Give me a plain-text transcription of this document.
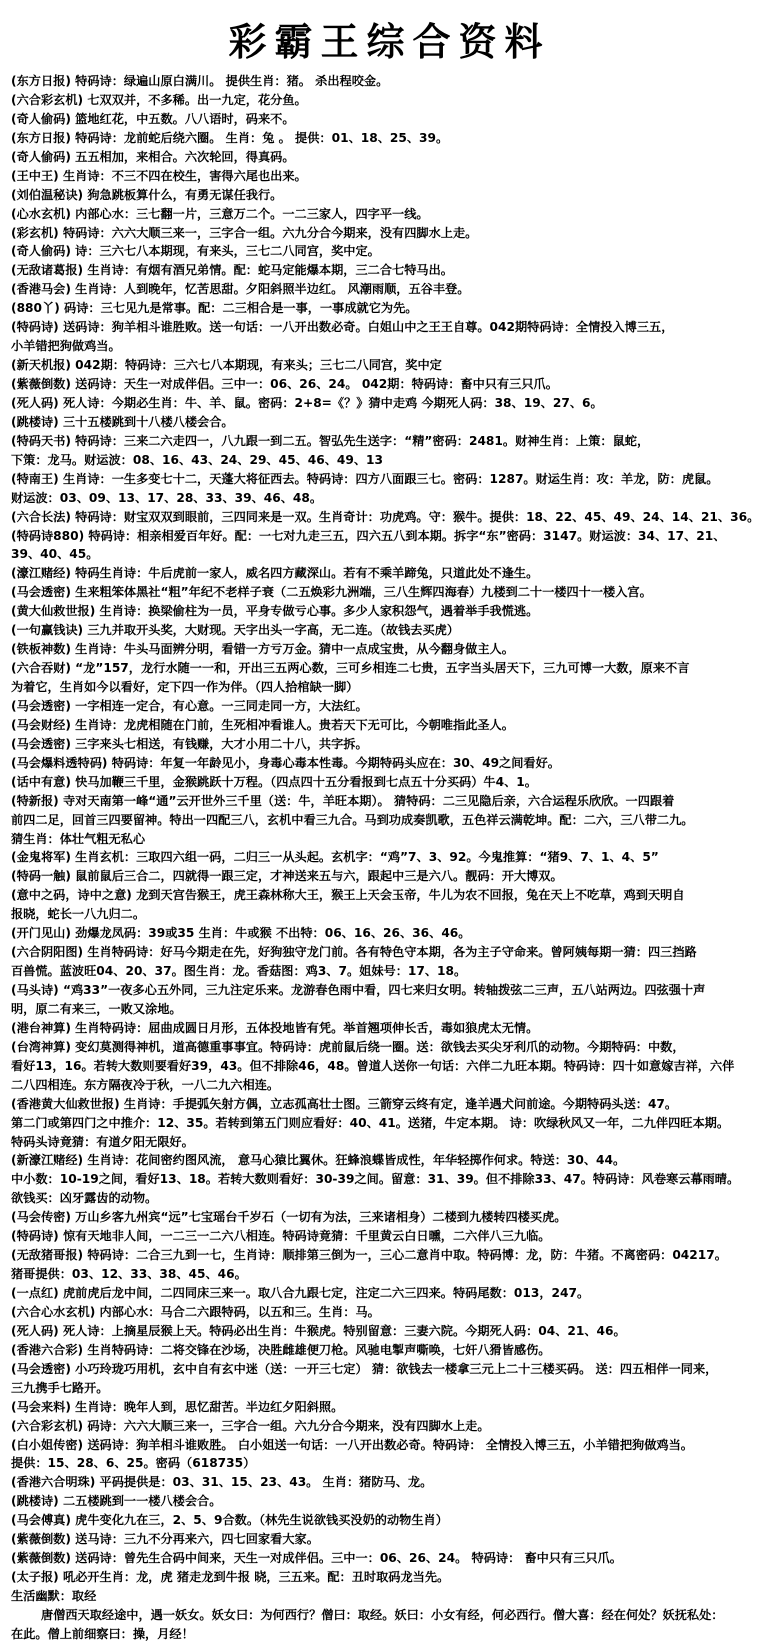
彩霸王综合资料
(东方日报) 特码诗：绿遍山原白满川。 提供生肖：猪。 杀出程咬金。
(六合彩玄机) 七双双并，不多稀。出一九定，花分鱼。
(奇人偷码) 篮地红花，中五数。八八语时，码来不。
(东方日报) 特码诗：龙前蛇后绕六圈。 生肖：兔 。 提供：01、18、25、39。
(奇人偷码) 五五相加，来相合。六次轮回，得真码。
(王中王) 生肖诗：不三不四在校生，害得六尾也出来。
(刘伯温秘诀) 狗急跳板算什么，有勇无谋任我行。
(心水玄机) 内部心水：三七翻一片，三意万二个。一二三家人，四字平一线。
(彩玄机) 特码诗：六六大顺三来一，三字合一组。六九分合今期来，没有四脚水上走。
(奇人偷码) 诗：三六七八本期现，有来头，三七二八同宫，奖中定。
(无敌诸葛报) 生肖诗：有烟有酒兄弟情。配：蛇马定能爆本期，三二合七特马出。
(香港马会) 生肖诗：人到晚年，忆苦思甜。夕阳斜照半边红。 风潮雨顺，五谷丰登。
(880丫) 码诗：三七见九是常事。配：二三相合是一事，一事成就它为先。
(特码诗) 送码诗：狗羊相斗谁胜败。送一句话：一八开出数必奇。白姐山中之王王自尊。042期特码诗：全情投入博三五，
小羊错把狗做鸡当。
(新天机报) 042期：特码诗：三六七八本期现，有来头；三七二八同宫，奖中定
(紫薇倒数) 送码诗：天生一对成伴侣。三中一：06、26、24。 042期：特码诗：畜中只有三只爪。
(死人码) 死人诗：今期必生肖：牛、羊、鼠。密码：2+8=《？》猜中走鸡 今期死人码：38、19、27、6。
(跳楼诗) 三十五楼跳到十八楼八楼会合。
(特码天书) 特码诗：三来二六走四一，八九跟一到二五。智弘先生送字：“精”密码：2481。财神生肖：上策：鼠蛇，
下策：龙马。财运波：08、16、43、24、29、45、46、49、13
(特南王) 生肖诗：一生多变七十二，天蓬大将征西去。特码诗：四方八面跟三七。密码：1287。财运生肖：攻：羊龙，防：虎鼠。
财运波：03、09、13、17、28、33、39、46、48。
(六合长法) 特码诗：财宝双双到眼前，三四同来是一双。生肖奇计：功虎鸡。守：猴牛。提供：18、22、45、49、24、14、21、36。
(特码诗880) 特码诗：相亲相爱百年好。配：一七对九走三五，四六五八到本期。拆字“东”密码：3147。财运波：34、17、21、
39、40、45。
(濠江赌经) 特码生肖诗：牛后虎前一家人，威名四方藏深山。若有不乘羊蹄兔，只道此处不逢生。
(马会透密) 生来粗笨体黑社“粗”年纪不老样子衰（二五焕彩九洲端，三八生辉四海春）九楼到二十一楼四十一楼入宫。
(黄大仙救世报) 生肖诗：换梁偷柱为一员，平身专做亏心事。多少人家积怨气，遇着举手我慌逃。
(一句赢钱诀) 三九并取开头奖，大财现。天字出头一字高，无二连。（故钱去买虎）
(铁板神数) 生肖诗：牛头马面辨分明，看错一方亏万金。猜中一点成宝贵，从今翻身做主人。
(六合吞财) “龙”157，龙行水随一一和，开出三五两心数，三可乡相连二七贵，五字当头居天下，三九可博一大数，原来不言
为着它，生肖如今以看好，定下四一作为伴。（四人拾棺缺一脚）
(马会透密) 一字相连一定合，有心意。一三同走同一方，大法红。
(马会财经) 生肖诗：龙虎相随在门前，生死相冲看谁人。贵若天下无可比，今朝唯指此圣人。
(马会透密) 三字来头七相送，有钱赚，大才小用二十八，共字拆。
(马会爆料透特码) 特码诗：年复一年龄见小，身毒心毒本性毒。今期特码头应在：30、49之间看好。
(话中有意) 快马加鞭三千里，金猴跳跃十万程。（四点四十五分看报到七点五十分买码）牛4、1。
(特新报) 寺对天南第一峰“通”云开世外三千里（送：牛，羊旺本期）。 猜特码：二三见隐后亲，六合运程乐欣欣。一四跟着
前四二足，回首三四要留神。特出一四配三八，玄机中看三九合。马到功成奏凯歌，五色祥云满乾坤。配：二六，三八带二九。
猜生肖：体壮气粗无私心
(金鬼将军) 生肖玄机：三取四六组一码，二归三一从头起。玄机字：“鸡”7、3、92。今鬼推算：“猪9、7、1、4、5”
(特码一触) 鼠前鼠后三合二，四就得一跟三定，才神送来五与六，跟起中三是六八。靓码：开大博双。
(意中之码，诗中之意) 龙到天宫告猴王，虎王森林称大王，猴王上天会玉帝，牛儿为农不回报，兔在天上不吃草，鸡到天明自
报晓，蛇长一八九归二。
(开门见山) 劲爆龙凤码：39或35 生肖：牛或猴 不出特：06、16、26、36、46。
(六合阴阳图) 生肖特码诗：好马今期走在先，好狗独守龙门前。各有特色守本期，各为主子守命来。曾阿姨每期一猜：四三挡路
百兽慌。蓝波旺04、20、37。图生肖：龙。香菇图：鸡3、7。姐妹号：17、18。
(马头诗) “鸡33”一夜多心五外同，三九注定乐来。龙游春色雨中看，四七来归女明。转轴拨弦二三声，五八站两边。四弦强十声
明，原二有来三，一败又涂地。
(港台神算) 生肖特码诗：屈曲成圆日月形，五体投地皆有凭。举首翘项伸长舌，毒如狼虎太无情。
(台湾神算) 变幻莫测得神机，道高德重事事宜。特码诗：虎前鼠后绕一圈。送：欲钱去买尖牙利爪的动物。今期特码：中数，
看好13，16。若转大数则要看好39，43。但不排除46，48。曾道人送你一句话：六伴二九旺本期。特码诗：四十如意嫁吉祥，六伴
二八四相连。东方隔夜冷于秋，一八二九六相连。
(香港黄大仙救世报) 生肖诗：手提弧矢射方偶，立志孤高壮士图。三箭穿云终有定，逢羊遇犬问前途。今期特码头送：47。
第二门或第四门之中推介：12、35。若转到第五门则应看好：40、41。送猪，牛定本期。 诗：吹绿秋风又一年，二九伴四旺本期。
特码头诗竟猜：有道夕阳无限好。
(新濠江赌经) 生肖诗：花间密约图风流， 意马心猿比翼休。狂蜂浪蝶皆成性，年华轻掷作何求。特送：30、44。
中小数：10-19之间，看好13、18。若转大数则看好：30-39之间。留意：31、39。但不排除33、47。特码诗：风卷寒云幕雨晴。
欲钱买：凶牙露齿的动物。
(马会传密) 万山乡客九州宾“远”七宝瑶台千岁石（一切有为法，三来诸相身）二楼到九楼转四楼买虎。
(特码诗) 惊有天地非人间，一二三一二六八相连。特码诗竟猜：千里黄云白日曛，二六伴八三九临。
(无敌猪哥报) 特码诗：二合三九到一七，生肖诗：顺排第三倒为一，三心二意肖中取。特码博：龙，防：牛猪。不离密码：04217。
猪哥提供：03、12、33、38、45、46。
(一点红) 虎前虎后龙中间，二四同床三来一。取八合九跟七定，注定二六三四来。特码尾数：013，247。
(六合心水玄机) 内部心水：马合二六跟特码，以五和三。生肖：马。
(死人码) 死人诗：上摘星辰猴上天。特码必出生肖：牛猴虎。特别留意：三妻六院。今期死人码：04、21、46。
(香港六合彩) 生肖特码诗：二将交锋在沙场，决胜雌雄便刀枪。风驰电掣声嘶唤，七奸八猾皆感伤。
(马会透密) 小巧玲珑巧用机，玄中自有玄中迷（送：一开三七定） 猜：欲钱去一楼拿三元上二十三楼买码。 送：四五相伴一同来，
三九携手七路开。
(马会来料) 生肖诗：晚年人到，思忆甜苦。半边红夕阳斜照。
(六合彩玄机) 码诗：六六大顺三来一，三字合一组。六九分合今期来，没有四脚水上走。
(白小姐传密) 送码诗：狗羊相斗谁败胜。 白小姐送一句话：一八开出数必奇。特码诗： 全情投入博三五，小羊错把狗做鸡当。
提供：15、28、6、25。密码（618735）
(香港六合明珠) 平码提供是：03、31、15、23、43。 生肖：猪防马、龙。
(跳楼诗) 二五楼跳到一一楼八楼会合。
(马会傅真) 虎牛变化九在三，2、5、9合数。（林先生说欲钱买没奶的动物生肖）
(紫薇倒数) 送马诗：三九不分再来六，四七回家看大家。
(紫薇倒数) 送码诗：曾先生合码中间来，天生一对成伴侣。三中一：06、26、24。 特码诗： 畜中只有三只爪。
(太子报) 吼必开生肖：龙，虎 猪走龙到牛报 晓，三五来。配：丑时取码龙当先。
生活幽默：取经
唐僧西天取经途中，遇一妖女。妖女曰：为何西行？僧曰：取经。妖曰：小女有经，何必西行。僧大喜：经在何处？妖抚私处：
在此。僧上前细察曰：操，月经！
